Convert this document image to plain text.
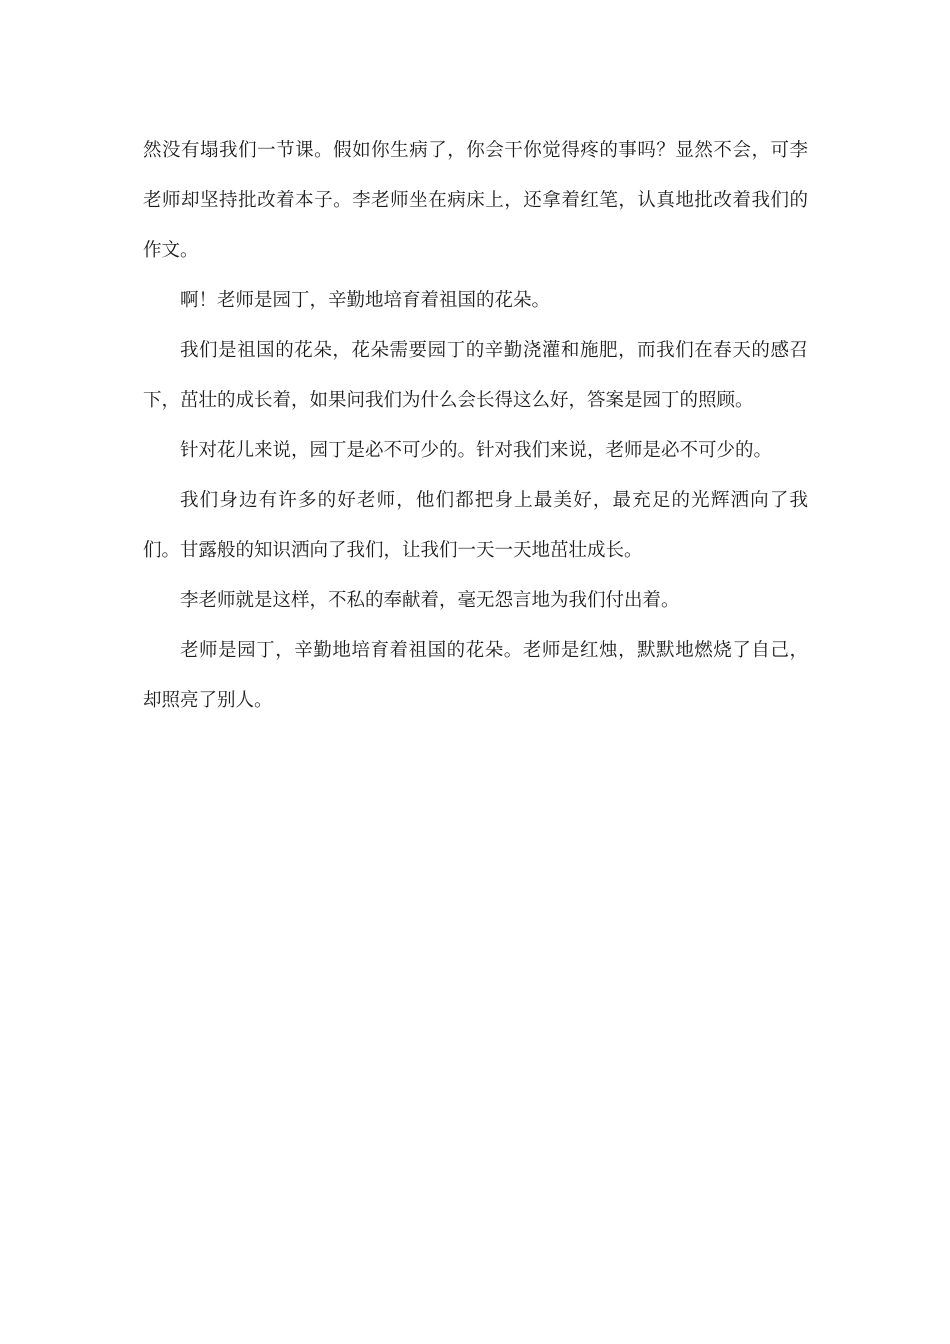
然没有塌我们一节课。假如你生病了，你会干你觉得疼的事吗？显然不会，可李老师却坚持批改着本子。李老师坐在病床上，还拿着红笔，认真地批改着我们的作文。

啊！老师是园丁，辛勤地培育着祖国的花朵。

我们是祖国的花朵，花朵需要园丁的辛勤浇灌和施肥，而我们在春天的感召下，茁壮的成长着，如果问我们为什么会长得这么好，答案是园丁的照顾。

针对花儿来说，园丁是必不可少的。针对我们来说，老师是必不可少的。

我们身边有许多的好老师，他们都把身上最美好，最充足的光辉洒向了我们。甘露般的知识洒向了我们，让我们一天一天地茁壮成长。

李老师就是这样，不私的奉献着，毫无怨言地为我们付出着。

老师是园丁，辛勤地培育着祖国的花朵。老师是红烛，默默地燃烧了自己，却照亮了别人。
